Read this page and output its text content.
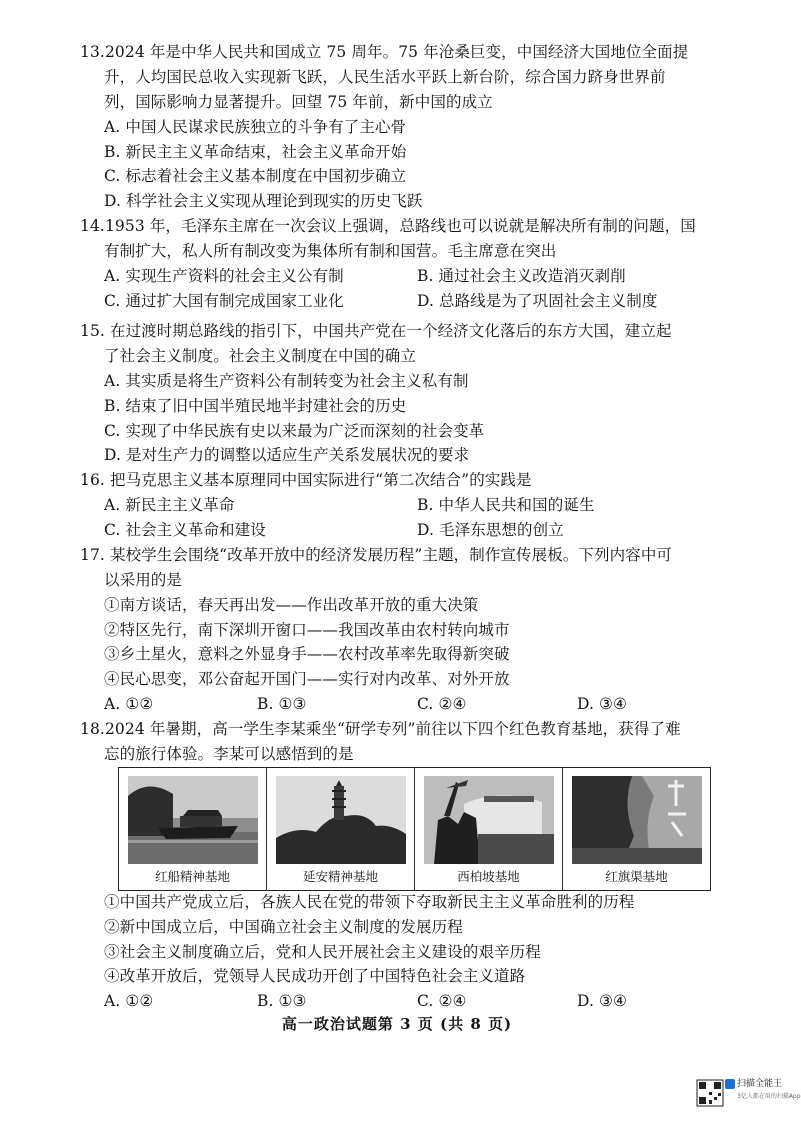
13.2024 年是中华人民共和国成立 75 周年。75 年沧桑巨变，中国经济大国地位全面提
升，人均国民总收入实现新飞跃，人民生活水平跃上新台阶，综合国力跻身世界前
列，国际影响力显著提升。回望 75 年前，新中国的成立
A. 中国人民谋求民族独立的斗争有了主心骨
B. 新民主主义革命结束，社会主义革命开始
C. 标志着社会主义基本制度在中国初步确立
D. 科学社会主义实现从理论到现实的历史飞跃
14.1953 年，毛泽东主席在一次会议上强调，总路线也可以说就是解决所有制的问题，国
有制扩大，私人所有制改变为集体所有制和国营。毛主席意在突出
A. 实现生产资料的社会主义公有制	B. 通过社会主义改造消灭剥削
C. 通过扩大国有制完成国家工业化	D. 总路线是为了巩固社会主义制度
15. 在过渡时期总路线的指引下，中国共产党在一个经济文化落后的东方大国，建立起
了社会主义制度。社会主义制度在中国的确立
A. 其实质是将生产资料公有制转变为社会主义私有制
B. 结束了旧中国半殖民地半封建社会的历史
C. 实现了中华民族有史以来最为广泛而深刻的社会变革
D. 是对生产力的调整以适应生产关系发展状况的要求
16. 把马克思主义基本原理同中国实际进行“第二次结合”的实践是
A. 新民主主义革命	B. 中华人民共和国的诞生
C. 社会主义革命和建设	D. 毛泽东思想的创立
17. 某校学生会围绕“改革开放中的经济发展历程”主题，制作宣传展板。下列内容中可
以采用的是
①南方谈话，春天再出发——作出改革开放的重大决策
②特区先行，南下深圳开窗口——我国改革由农村转向城市
③乡土星火，意料之外显身手——农村改革率先取得新突破
④民心思变，邓公奋起开国门——实行对内改革、对外开放
A. ①②	B. ①③	C. ②④	D. ③④
18.2024 年暑期，高一学生李某乘坐“研学专列”前往以下四个红色教育基地，获得了难
忘的旅行体验。李某可以感悟到的是
红船精神基地	延安精神基地	西柏坡基地	红旗渠基地
①中国共产党成立后，各族人民在党的带领下夺取新民主主义革命胜利的历程
②新中国成立后，中国确立社会主义制度的发展历程
③社会主义制度确立后，党和人民开展社会主义建设的艰辛历程
④改革开放后，党领导人民成功开创了中国特色社会主义道路
A. ①②	B. ①③	C. ②④	D. ③④
高一政治试题第 3 页 (共 8 页)
扫描全能王
3亿人都在用的扫描App
